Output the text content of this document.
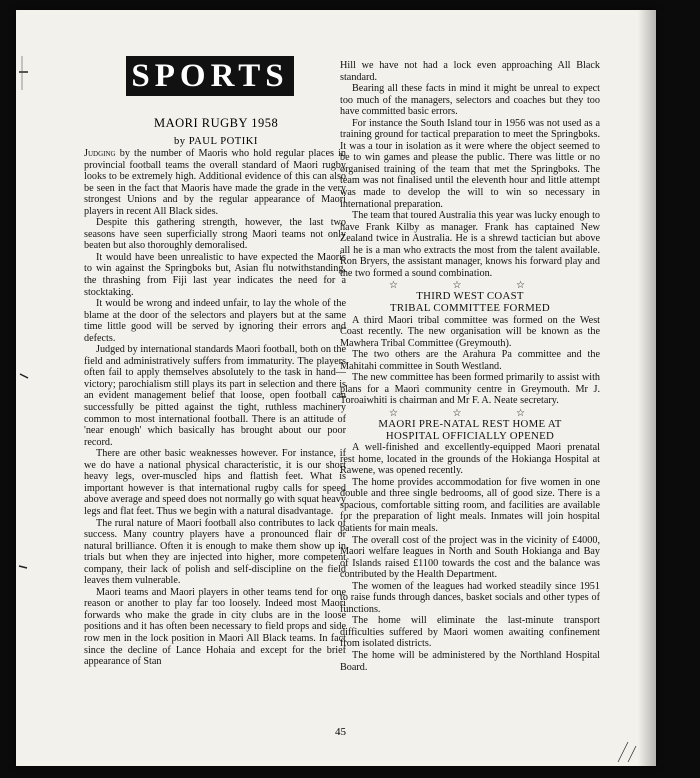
SPORTS
MAORI RUGBY 1958
by PAUL POTIKI

Judging by the number of Maoris who hold regular places in provincial football teams the overall standard of Maori rugby looks to be extremely high. Additional evidence of this can also be seen in the fact that Maoris have made the grade in the very strongest Unions and by the regular appearance of Maori players in recent All Black sides.

Despite this gathering strength, however, the last two seasons have seen superficially strong Maori teams not only beaten but also thoroughly demoralised.

It would have been unrealistic to have expected the Maoris to win against the Springboks but, Asian flu notwithstanding, the thrashing from Fiji last year indicates the need for a stocktaking.

It would be wrong and indeed unfair, to lay the whole of the blame at the door of the selectors and players but at the same time little good will be served by ignoring their errors and defects.

Judged by international standards Maori football, both on the field and administratively suffers from immaturity. The players often fail to apply themselves absolutely to the task in hand—victory; parochialism still plays its part in selection and there is an evident management belief that loose, open football can successfully be pitted against the tight, ruthless machinery common to most international football. There is an attitude of 'near enough' which basically has brought about our poor record.

There are other basic weaknesses however. For instance, if we do have a national physical characteristic, it is our short heavy legs, over-muscled hips and flattish feet. What is important however is that international rugby calls for speed above average and speed does not normally go with squat heavy legs and flat feet. Thus we begin with a natural disadvantage.

The rural nature of Maori football also contributes to lack of success. Many country players have a pronounced flair or natural brilliance. Often it is enough to make them show up in trials but when they are injected into higher, more competent company, their lack of polish and self-discipline on the field leaves them vulnerable.

Maori teams and Maori players in other teams tend for one reason or another to play far too loosely. Indeed most Maori forwards who make the grade in city clubs are in the loose positions and it has often been necessary to field props and side row men in the lock position in Maori All Black teams. In fact since the decline of Lance Hohaia and except for the brief appearance of Stan

Hill we have not had a lock even approaching All Black standard.

Bearing all these facts in mind it might be unreal to expect too much of the managers, selectors and coaches but they too have committed basic errors.

For instance the South Island tour in 1956 was not used as a training ground for tactical preparation to meet the Springboks. It was a tour in isolation as it were where the object seemed to be to win games and please the public. There was little or no organised training of the team that met the Springboks. The team was not finalised until the eleventh hour and little attempt was made to develop the will to win so necessary in international preparation.

The team that toured Australia this year was lucky enough to have Frank Kilby as manager. Frank has captained New Zealand twice in Australia. He is a shrewd tactician but above all he is a man who extracts the most from the talent available. Ron Bryers, the assistant manager, knows his forward play and the two formed a sound combination.

☆ ☆ ☆
THIRD WEST COAST
TRIBAL COMMITTEE FORMED

A third Maori tribal committee was formed on the West Coast recently. The new organisation will be known as the Mawhera Tribal Committee (Greymouth).

The two others are the Arahura Pa committee and the Mahitahi committee in South Westland.

The new committee has been formed primarily to assist with plans for a Maori community centre in Greymouth. Mr J. Toroaiwhiti is chairman and Mr F. A. Neate secretary.

☆ ☆ ☆
MAORI PRE-NATAL REST HOME AT
HOSPITAL OFFICIALLY OPENED

A well-finished and excellently-equipped Maori prenatal rest home, located in the grounds of the Hokianga Hospital at Rawene, was opened recently.

The home provides accommodation for five women in one double and three single bedrooms, all of good size. There is a spacious, comfortable sitting room, and facilities are available for the preparation of light meals. Inmates will join hospital patients for main meals.

The overall cost of the project was in the vicinity of £4000, Maori welfare leagues in North and South Hokianga and Bay of Islands raised £1100 towards the cost and the balance was contributed by the Health Department.

The women of the leagues had worked steadily since 1951 to raise funds through dances, basket socials and other types of functions.

The home will eliminate the last-minute transport difficulties suffered by Maori women awaiting confinement from isolated districts.

The home will be administered by the Northland Hospital Board.

45
